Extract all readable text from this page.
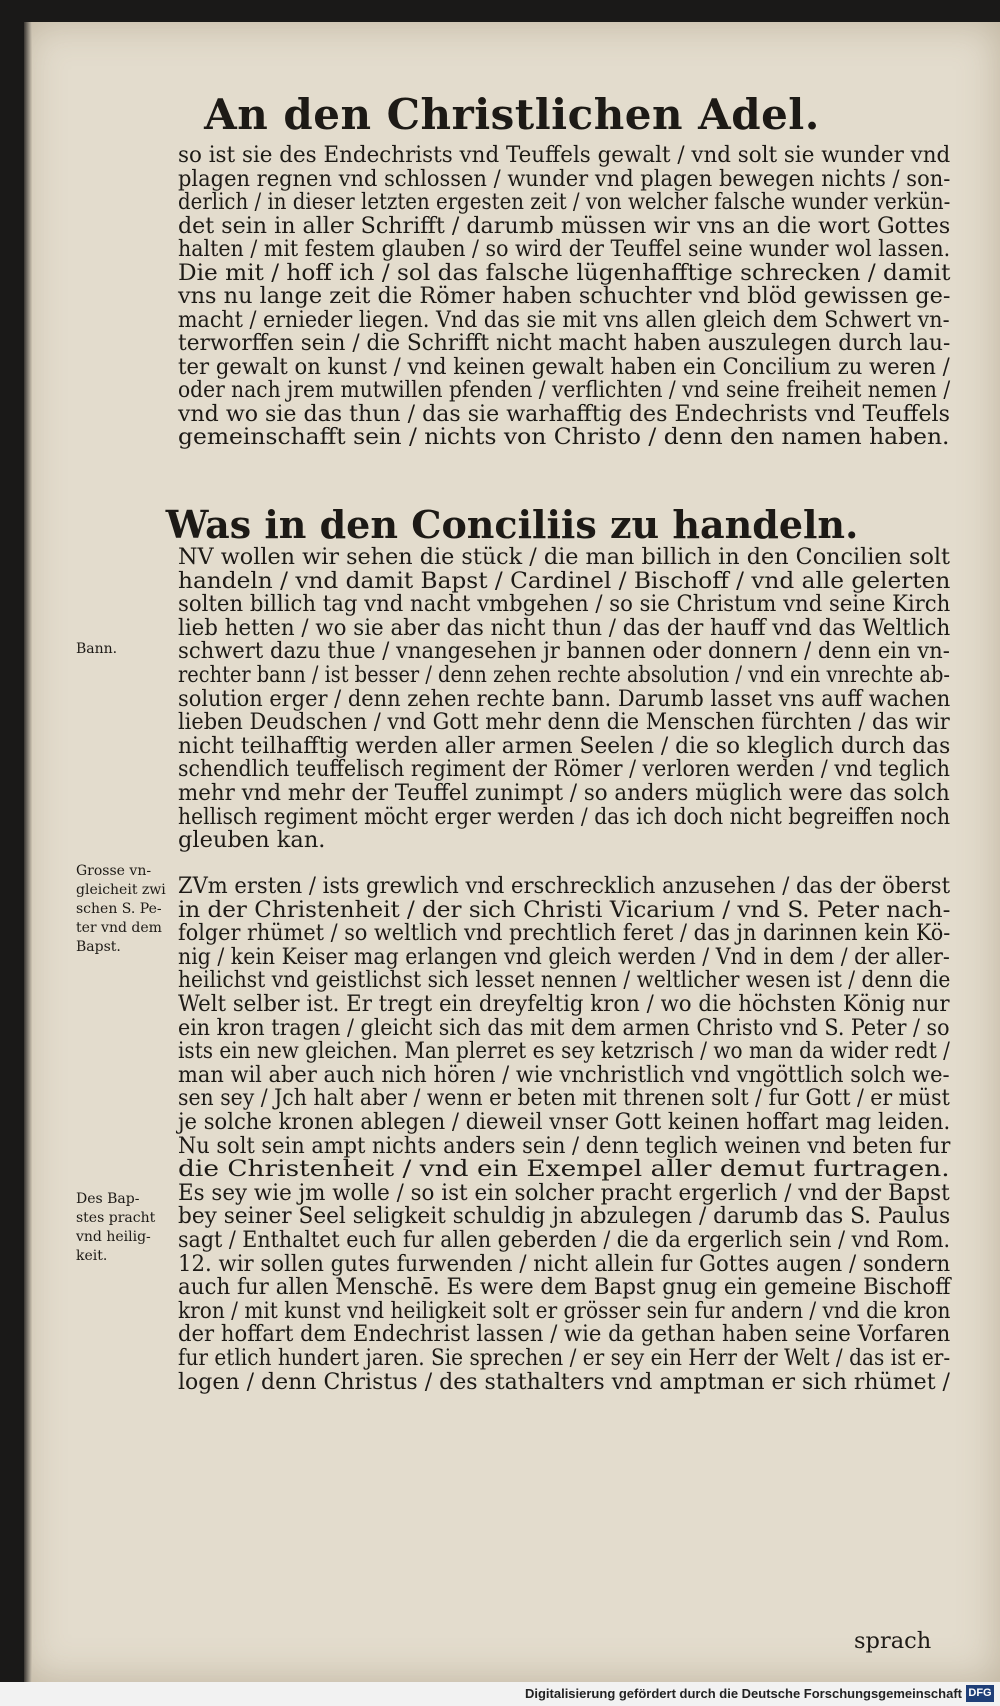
An den Christlichen Adel.
so ist sie des Endechrists vnd Teuffels gewalt / vnd solt sie wunder vnd
plagen regnen vnd schlossen / wunder vnd plagen bewegen nichts / son-
derlich / in dieser letzten ergesten zeit / von welcher falsche wunder verkün-
det sein in aller Schrifft / darumb müssen wir vns an die wort Gottes
halten / mit festem glauben / so wird der Teuffel seine wunder wol lassen.
Die mit / hoff ich / sol das falsche lügenhafftige schrecken / damit
vns nu lange zeit die Römer haben schuchter vnd blöd gewissen ge-
macht / ernieder liegen. Vnd das sie mit vns allen gleich dem Schwert vn-
terworffen sein / die Schrifft nicht macht haben auszulegen durch lau-
ter gewalt on kunst / vnd keinen gewalt haben ein Concilium zu weren /
oder nach jrem mutwillen pfenden / verflichten / vnd seine freiheit nemen /
vnd wo sie das thun / das sie warhafftig des Endechrists vnd Teuffels
gemeinschafft sein / nichts von Christo / denn den namen haben.
Was in den Conciliis zu handeln.
NV wollen wir sehen die stück / die man billich in den Concilien solt
handeln / vnd damit Bapst / Cardinel / Bischoff / vnd alle gelerten
solten billich tag vnd nacht vmbgehen / so sie Christum vnd seine Kirch
lieb hetten / wo sie aber das nicht thun / das der hauff vnd das Weltlich
schwert dazu thue / vnangesehen jr bannen oder donnern / denn ein vn-
rechter bann / ist besser / denn zehen rechte absolution / vnd ein vnrechte ab-
solution erger / denn zehen rechte bann. Darumb lasset vns auff wachen
lieben Deudschen / vnd Gott mehr denn die Menschen fürchten / das wir
nicht teilhafftig werden aller armen Seelen / die so kleglich durch das
schendlich teuffelisch regiment der Römer / verloren werden / vnd teglich
mehr vnd mehr der Teuffel zunimpt / so anders müglich were das solch
hellisch regiment möcht erger werden / das ich doch nicht begreiffen noch
gleuben kan.
ZVm ersten / ists grewlich vnd erschrecklich anzusehen / das der öberst
in der Christenheit / der sich Christi Vicarium / vnd S. Peter nach-
folger rhümet / so weltlich vnd prechtlich feret / das jn darinnen kein Kö-
nig / kein Keiser mag erlangen vnd gleich werden / Vnd in dem / der aller-
heilichst vnd geistlichst sich lesset nennen / weltlicher wesen ist / denn die
Welt selber ist. Er tregt ein dreyfeltig kron / wo die höchsten König nur
ein kron tragen / gleicht sich das mit dem armen Christo vnd S. Peter / so
ists ein new gleichen. Man plerret es sey ketzrisch / wo man da wider redt /
man wil aber auch nich hören / wie vnchristlich vnd vngöttlich solch we-
sen sey / Jch halt aber / wenn er beten mit threnen solt / fur Gott / er müst
je solche kronen ablegen / dieweil vnser Gott keinen hoffart mag leiden.
Nu solt sein ampt nichts anders sein / denn teglich weinen vnd beten fur
die Christenheit / vnd ein Exempel aller demut furtragen.
Es sey wie jm wolle / so ist ein solcher pracht ergerlich / vnd der Bapst
bey seiner Seel seligkeit schuldig jn abzulegen / darumb das S. Paulus
sagt / Enthaltet euch fur allen geberden / die da ergerlich sein / vnd Rom.
12. wir sollen gutes furwenden / nicht allein fur Gottes augen / sondern
auch fur allen Menschē. Es were dem Bapst gnug ein gemeine Bischoff
kron / mit kunst vnd heiligkeit solt er grösser sein fur andern / vnd die kron
der hoffart dem Endechrist lassen / wie da gethan haben seine Vorfaren
fur etlich hundert jaren. Sie sprechen / er sey ein Herr der Welt / das ist er-
logen / denn Christus / des stathalters vnd amptman er sich rhümet /
sprach
Bann.
Grosse vn-
gleicheit zwi
schen S. Pe-
ter vnd dem
Bapst.
Des Bap-
stes pracht
vnd heilig-
keit.
Digitalisierung gefördert durch die Deutsche Forschungsgemeinschaft DFG
